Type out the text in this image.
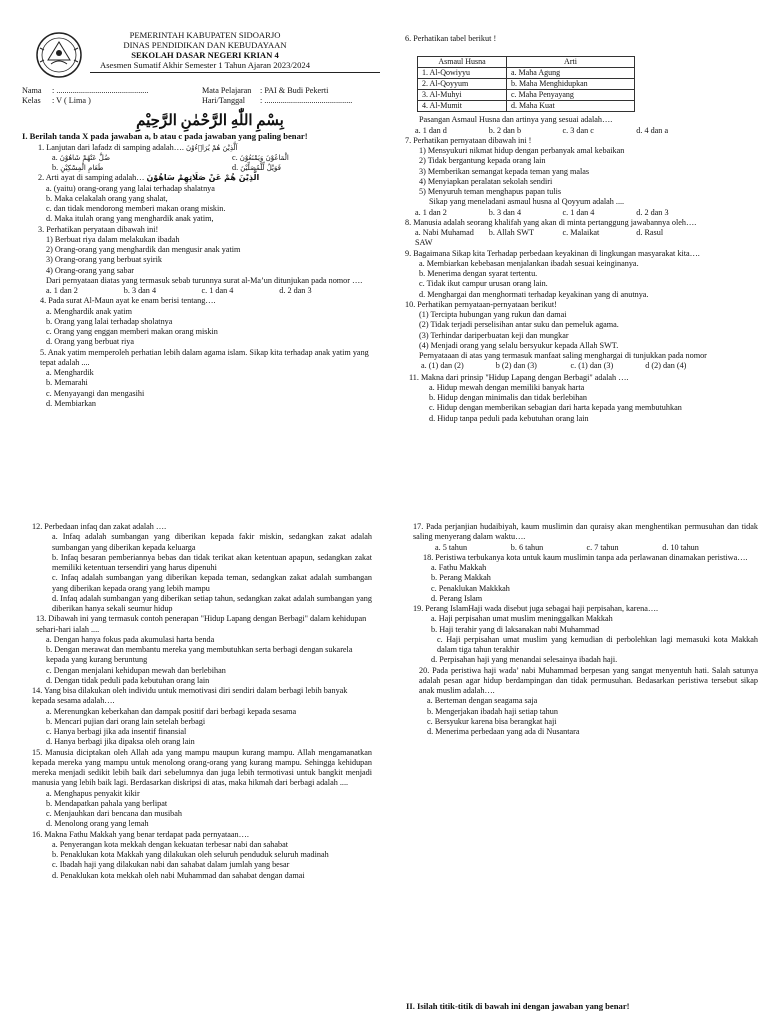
PEMERINTAH KABUPATEN SIDOARJO
DINAS PENDIDIKAN DAN KEBUDAYAAN
SEKOLAH DASAR NEGERI KRIAN 4
Asesmen Sumatif Akhir Semester 1 Tahun Ajaran 2023/2024
Nama	: .............................................	Mata Pelajaran	: PAI & Budi Pekerti
Kelas	: V ( Lima )	Hari/Tanggal	: ...........................................
بِسْمِ اللّٰهِ الرَّحْمٰنِ الرَّحِيْمِ

I. Berilah tanda X pada jawaban a, b atau c pada jawaban yang paling benar!

1. Lanjutan dari lafadz di samping adalah…. اَلَّذِيْنَ هُمْ يُرَاۤءُوْنَ

a. ضُلَّ عَنْهُمْ شَاهُوْنَ	c. الْمَاعُوْنَ وَيَمْنَعُوْنَ
b. طَعَامِ الْمِسْكِيْنِ	d. فَوَيْلٌ لِّلْمُصَلِّيْنَ

2. Arti ayat di samping adalah… الَّذِيْنَ هُمْ عَنْ صَلَاتِهِمْ سَاهُوْنَ

a. (yaitu) orang-orang yang lalai terhadap shalatnya

b. Maka celakalah orang yang shalat,

c. dan tidak mendorong memberi makan orang miskin.

d. Maka itulah orang yang menghardik anak yatim,

3. Perhatikan peryataan dibawah ini!

1) Berbuat riya dalam melakukan ibadah

2) Orang-orang yang menghardik dan mengusir anak yatim

3) Orang-orang yang berbuat syirik

4) Orang-orang yang sabar

Dari pernyataan diatas yang termasuk sebab turunnya surat al-Ma’un ditunjukan pada nomor ….

a. 1 dan 2	b. 3 dan 4	c. 1 dan 4	d. 2 dan 3

4. Pada surat Al-Maun ayat ke enam berisi tentang….

a. Menghardik anak yatim

b. Orang yang lalai terhadap sholatnya

c. Orang yang enggan memberi makan orang miskin

d. Orang yang berbuat riya

5. Anak yatim memperoleh perhatian lebih dalam agama islam. Sikap kita terhadap anak yatim yang tepat adalah ....

a. Menghardik

b. Memarahi

c. Menyayangi dan mengasihi

d. Membiarkan

6. Perhatikan tabel berikut !

Asmaul Husna	Arti
1. Al-Qowiyyu	a. Maha Agung
2. Al-Qoyyum	b. Maha Menghidupkan
3. Al-Muhyi	c. Maha Penyayang
4. Al-Mumit	d. Maha Kuat

Pasangan Asmaul Husna dan artinya yang sesuai adalah….

a. 1 dan d	b. 2 dan b	c. 3 dan c	d. 4 dan a

7. Perhatikan pernyataan dibawah ini !

1) Mensyukuri nikmat hidup dengan perbanyak amal kebaikan

2) Tidak bergantung kepada orang lain

3) Memberikan semangat kepada teman yang malas

4) Menyiapkan peralatan sekolah sendiri

5) Menyuruh teman menghapus papan tulis

Sikap yang meneladani asmaul husna al Qoyyum adalah ....

a. 1 dan 2	b. 3 dan 4	c. 1 dan 4	d. 2 dan 3

8. Manusia adalah seorang khalifah yang akan di minta pertanggung jawabannya oleh….

a. Nabi Muhamad SAW
b. Allah SWT	c. Malaikat	d. Rasul

9. Bagaimana Sikap kita Terhadap perbedaan keyakinan di lingkungan masyarakat kita….

a. Membiarkan kebebasan menjalankan ibadah sesuai keinginanya.

b. Menerima dengan syarat tertentu.

c. Tidak ikut campur urusan orang lain.

d. Menghargai dan menghormati terhadap keyakinan yang di anutnya.

10. Perhatikan pernyataan-pernyataan berikut!

(1) Tercipta hubungan yang rukun dan damai

(2) Tidak terjadi perselisihan antar suku dan pemeluk agama.

(3) Terhindar dariperbuatan keji dan mungkar

(4) Menjadi orang yang selalu bersyukur kepada Allah SWT.

Pernyataaan di atas yang termasuk manfaat saling menghargai di tunjukkan pada nomor

a. (1) dan (2)	b (2) dan (3)	c. (1) dan (3)	d (2) dan (4)

11. Makna dari prinsip "Hidup Lapang dengan Berbagi" adalah ….

a. Hidup mewah dengan memiliki banyak harta

b. Hidup dengan minimalis dan tidak berlebihan

c. Hidup dengan memberikan sebagian dari harta kepada yang membutuhkan

d. Hidup tanpa peduli pada kebutuhan orang lain

12. Perbedaan infaq dan zakat adalah ….

a. Infaq adalah sumbangan yang diberikan kepada fakir miskin, sedangkan zakat adalah sumbangan yang diberikan kepada keluarga

b. Infaq besaran pemberiannya bebas dan tidak terikat akan ketentuan apapun, sedangkan zakat memiliki ketentuan tersendiri yang harus dipenuhi

c. Infaq adalah sumbangan yang diberikan kepada teman, sedangkan zakat adalah sumbangan yang diberikan kepada orang yang lebih mampu

d. Infaq adalah sumbangan yang diberikan setiap tahun, sedangkan zakat adalah sumbangan yang diberikan hanya sekali seumur hidup

13. Dibawah ini yang termasuk contoh penerapan "Hidup Lapang dengan Berbagi" dalam kehidupan sehari-hari ialah ....

a. Dengan hanya fokus pada akumulasi harta benda

b. Dengan merawat dan membantu mereka yang membutuhkan serta berbagi dengan sukarela kepada yang kurang beruntung

c. Dengan menjalani kehidupan mewah dan berlebihan

d. Dengan tidak peduli pada kebutuhan orang lain

14. Yang bisa dilakukan oleh individu untuk memotivasi diri sendiri dalam berbagi lebih banyak kepada sesama adalah….

a. Merenungkan keberkahan dan dampak positif dari berbagi kepada sesama

b. Mencari pujian dari orang lain setelah berbagi

c. Hanya berbagi jika ada insentif finansial

d. Hanya berbagi jika dipaksa oleh orang lain

15. Manusia diciptakan oleh Allah ada yang mampu maupun kurang mampu. Allah mengamanatkan kepada mereka yang mampu untuk menolong orang-orang yang kurang mampu. Sehingga kehidupan mereka menjadi sedikit lebih baik dari sebelumnya dan juga lebih termotivasi untuk bangkit menjadi manusia yang lebih baik lagi. Berdasarkan diskripsi di atas, maka hikmah dari berbagi adalah ....

a. Menghapus penyakit kikir

b. Mendapatkan pahala yang berlipat

c. Menjauhkan dari bencana dan musibah

d. Menolong orang yang lemah

16. Makna Fathu Makkah yang benar terdapat pada pernyataan….

a. Penyerangan kota mekkah dengan kekuatan terbesar nabi dan sahabat

b. Penaklukan kota Makkah yang dilakukan oleh seluruh penduduk seluruh madinah

c. Ibadah haji yang dilakukan nabi dan sahabat dalam jumlah yang besar

d. Penaklukan kota mekkah oleh nabi Muhammad dan sahabat dengan damai

17. Pada perjanjian hudaibiyah, kaum muslimin dan quraisy akan menghentikan permusuhan dan tidak saling menyerang dalam waktu….

a. 5 tahun	b. 6 tahun	c. 7 tahun	d. 10 tahun

18. Peristiwa terbukanya kota untuk kaum muslimin tanpa ada perlawanan dinamakan peristiwa….

a. Fathu Makkah

b. Perang Makkah

c. Penaklukan Makkkah

d. Perang Islam

19. Perang IslamHaji wada disebut juga sebagai haji perpisahan, karena….

a. Haji perpisahan umat muslim meninggalkan Makkah

b. Haji terahir yang di laksanakan nabi Muhammad

c. Haji perpisahan umat muslim yang kemudian di perbolehkan lagi memasuki kota Makkah dalam tiga tahun terakhir

d. Perpisahan haji yang menandai selesainya ibadah haji.

20. Pada peristiwa haji wada’ nabi Muhammad berpesan yang sangat menyentuh hati. Salah satunya adalah pesan agar hidup berdampingan dan tidak permusuhan. Bedasarkan peristiwa tersebut sikap anak muslim adalah….

a. Berteman dengan seagama saja

b. Mengerjakan ibadah haji setiap tahun

c. Bersyukur karena bisa berangkat haji

d. Menerima perbedaan yang ada di Nusantara

II. Isilah titik-titik di bawah ini dengan jawaban yang benar!
